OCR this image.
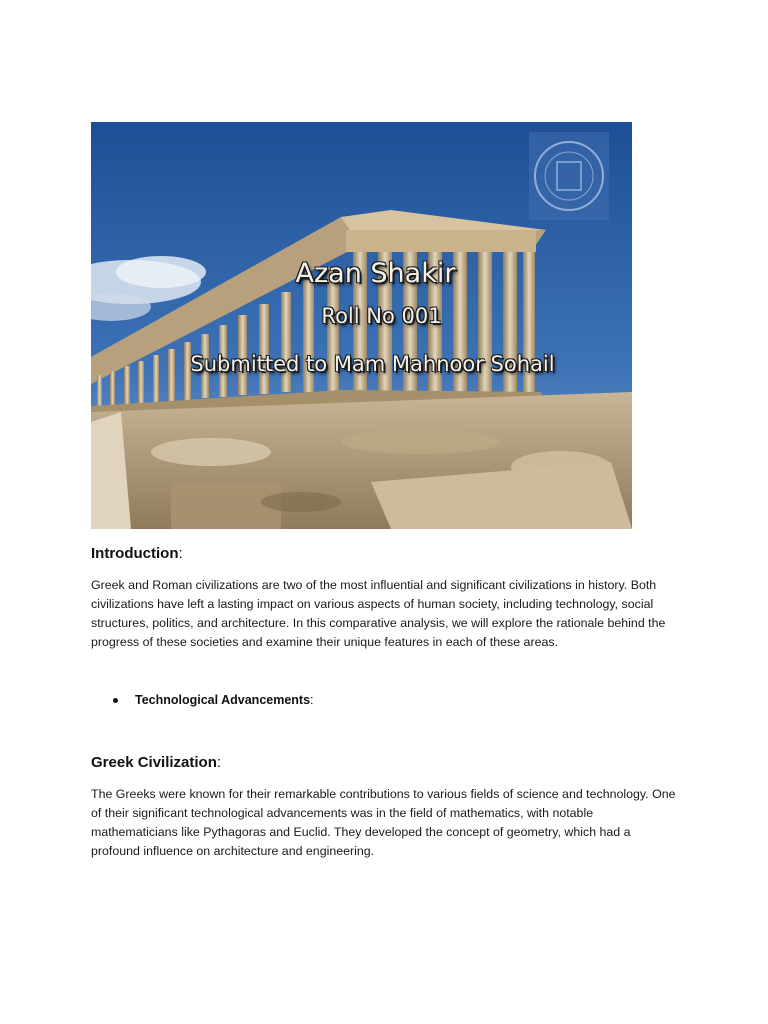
Azan Shakir
Roll No 001
Submitted to Mam Mahnoor Sohail
Introduction:

Greek and Roman civilizations are two of the most influential and significant civilizations in history. Both civilizations have left a lasting impact on various aspects of human society, including technology, social structures, politics, and architecture. In this comparative analysis, we will explore the rationale behind the progress of these societies and examine their unique features in each of these areas.

Technological Advancements :
Greek Civilization:

The Greeks were known for their remarkable contributions to various fields of science and technology. One of their significant technological advancements was in the field of mathematics, with notable mathematicians like Pythagoras and Euclid. They developed the concept of geometry, which had a profound influence on architecture and engineering.
